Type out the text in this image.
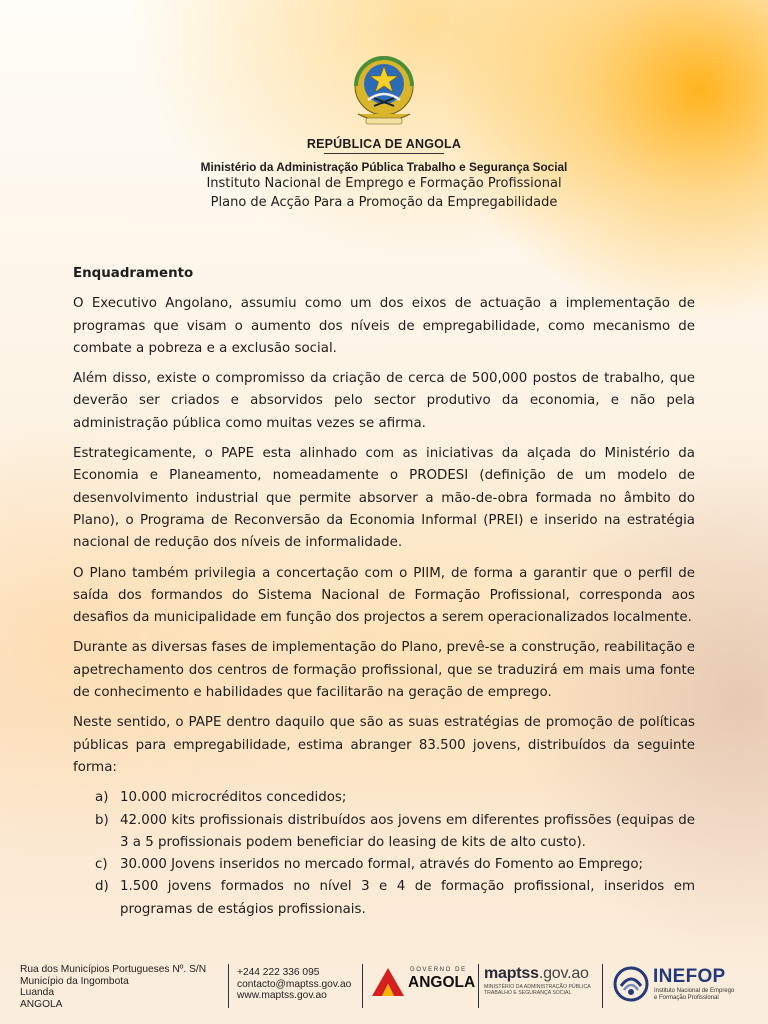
REPÚBLICA DE ANGOLA
Ministério da Administração Pública Trabalho e Segurança Social
Instituto Nacional de Emprego e Formação Profissional
Plano de Acção Para a Promoção da Empregabilidade
Enquadramento

O Executivo Angolano, assumiu como um dos eixos de actuação a implementação de programas que visam o aumento dos níveis de empregabilidade, como mecanismo de combate a pobreza e a exclusão social.

Além disso, existe o compromisso da criação de cerca de 500,000 postos de trabalho, que deverão ser criados e absorvidos pelo sector produtivo da economia, e não pela administração pública como muitas vezes se afirma.

Estrategicamente, o PAPE esta alinhado com as iniciativas da alçada do Ministério da Economia e Planeamento, nomeadamente o PRODESI (definição de um modelo de desenvolvimento industrial que permite absorver a mão-de-obra formada no âmbito do Plano), o Programa de Reconversão da Economia Informal (PREI) e inserido na estratégia nacional de redução dos níveis de informalidade.

O Plano também privilegia a concertação com o PIIM, de forma a garantir que o perfil de saída dos formandos do Sistema Nacional de Formação Profissional, corresponda aos desafios da municipalidade em função dos projectos a serem operacionalizados localmente.

Durante as diversas fases de implementação do Plano, prevê-se a construção, reabilitação e apetrechamento dos centros de formação profissional, que se traduzirá em mais uma fonte de conhecimento e habilidades que facilitarão na geração de emprego.

Neste sentido, o PAPE dentro daquilo que são as suas estratégias de promoção de políticas públicas para empregabilidade, estima abranger 83.500 jovens, distribuídos da seguinte forma:

a) 10.000 microcréditos concedidos;
b) 42.000 kits profissionais distribuídos aos jovens em diferentes profissões (equipas de 3 a 5 profissionais podem beneficiar do leasing de kits de alto custo).
c) 30.000 Jovens inseridos no mercado formal, através do Fomento ao Emprego;
d) 1.500 jovens formados no nível 3 e 4 de formação profissional, inseridos em programas de estágios profissionais.
Rua dos Municípios Portugueses Nº. S/N
Município da Ingombota
Luanda
ANGOLA
+244 222 336 095
contacto@maptss.gov.ao
www.maptss.gov.ao
GOVERNO DE
ANGOLA
maptss.gov.ao
MINISTÉRIO DA ADMINISTRAÇÃO PÚBLICA
TRABALHO E SEGURANÇA SOCIAL
INEFOP
Instituto Nacional de Emprego
e Formação Profissional
